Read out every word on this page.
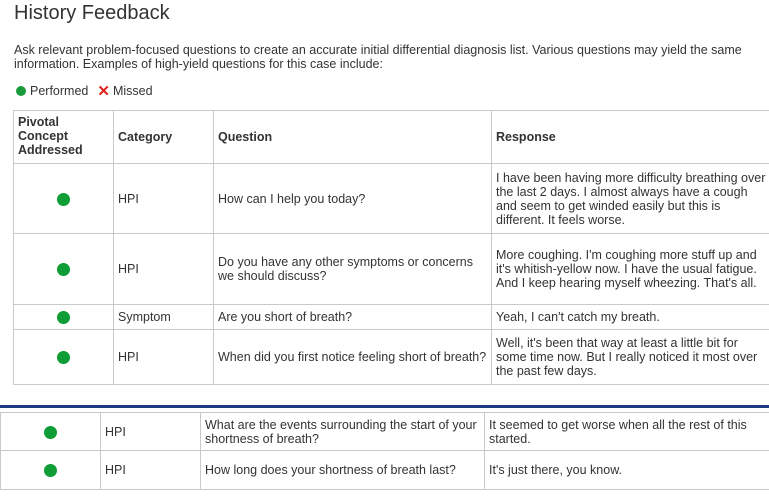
History Feedback
Ask relevant problem-focused questions to create an accurate initial differential diagnosis list. Various questions may yield the same information. Examples of high-yield questions for this case include:
Performed ✕ Missed
Pivotal Concept Addressed	Category	Question	Response
	HPI	How can I help you today?	I have been having more difficulty breathing over the last 2 days. I almost always have a cough and seem to get winded easily but this is different. It feels worse.
	HPI	Do you have any other symptoms or concerns we should discuss?	More coughing. I'm coughing more stuff up and it's whitish-yellow now. I have the usual fatigue. And I keep hearing myself wheezing. That's all.
	Symptom	Are you short of breath?	Yeah, I can't catch my breath.
	HPI	When did you first notice feeling short of breath?	Well, it's been that way at least a little bit for some time now. But I really noticed it most over the past few days.
	HPI	What are the events surrounding the start of your shortness of breath?	It seemed to get worse when all the rest of this started.
	HPI	How long does your shortness of breath last?	It's just there, you know.
